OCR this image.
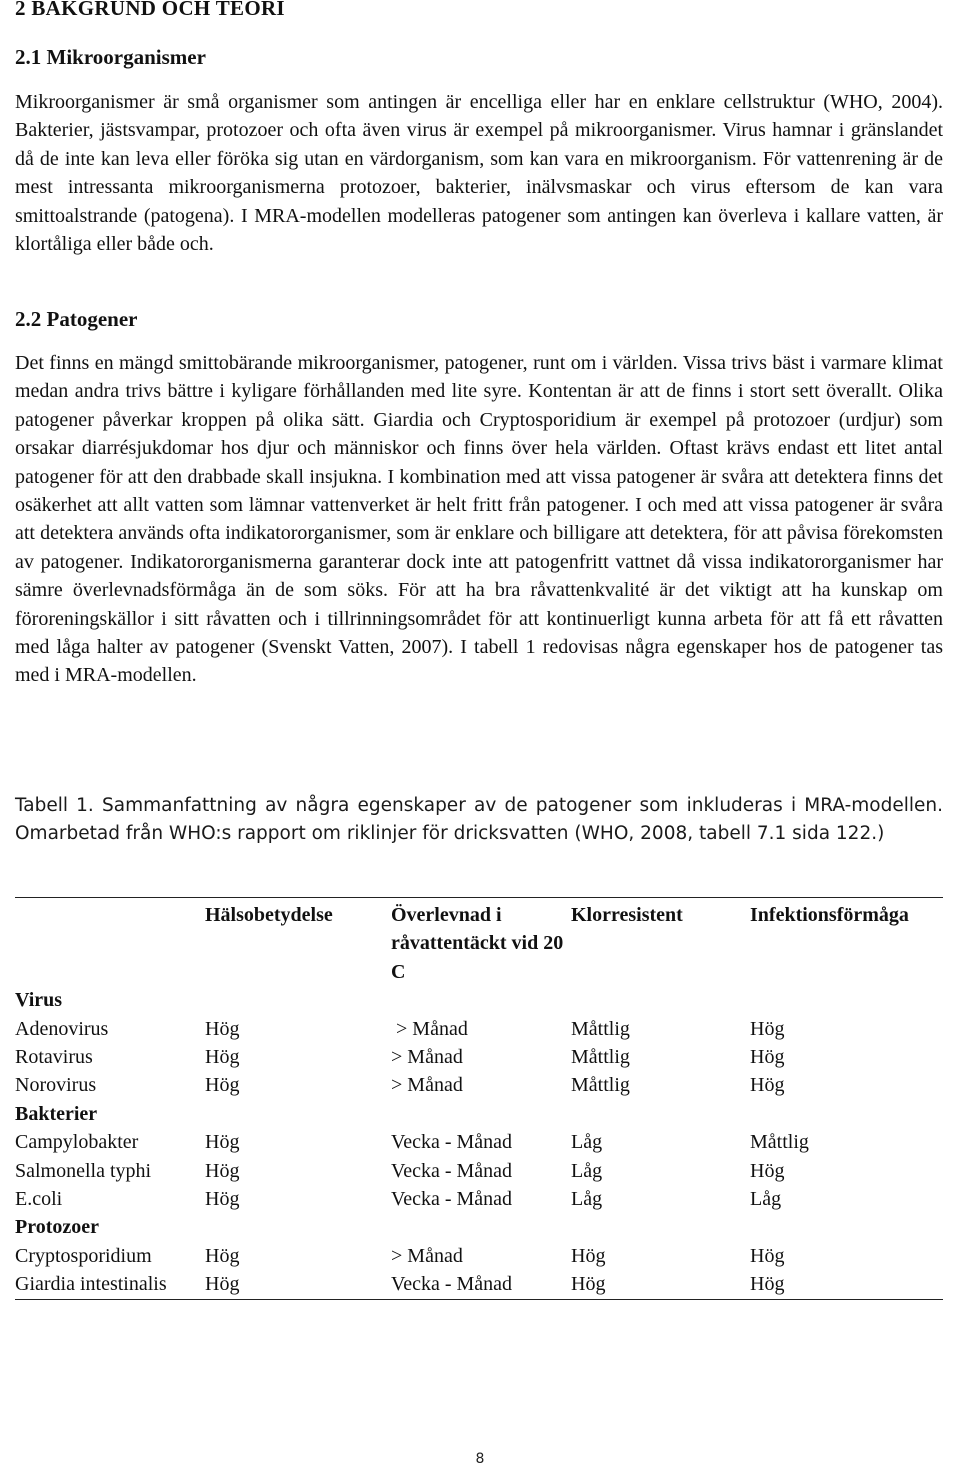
2 BAKGRUND OCH TEORI
2.1 Mikroorganismer

Mikroorganismer är små organismer som antingen är encelliga eller har en enklare cellstruktur (WHO, 2004). Bakterier, jästsvampar, protozoer och ofta även virus är exempel på mikroorganismer. Virus hamnar i gränslandet då de inte kan leva eller föröka sig utan en värdorganism, som kan vara en mikroorganism. För vattenrening är de mest intressanta mikroorganismerna protozoer, bakterier, inälvsmaskar och virus eftersom de kan vara smittoalstrande (patogena). I MRA-modellen modelleras patogener som antingen kan överleva i kallare vatten, är klortåliga eller både och.

2.2 Patogener

Det finns en mängd smittobärande mikroorganismer, patogener, runt om i världen. Vissa trivs bäst i varmare klimat medan andra trivs bättre i kyligare förhållanden med lite syre. Kontentan är att de finns i stort sett överallt. Olika patogener påverkar kroppen på olika sätt. Giardia och Cryptosporidium är exempel på protozoer (urdjur) som orsakar diarrésjukdomar hos djur och människor och finns över hela världen. Oftast krävs endast ett litet antal patogener för att den drabbade skall insjukna. I kombination med att vissa patogener är svåra att detektera finns det osäkerhet att allt vatten som lämnar vattenverket är helt fritt från patogener. I och med att vissa patogener är svåra att detektera används ofta indikatororganismer, som är enklare och billigare att detektera, för att påvisa förekomsten av patogener. Indikatororganismerna garanterar dock inte att patogenfritt vattnet då vissa indikatororganismer har sämre överlevnadsförmåga än de som söks. För att ha bra råvattenkvalité är det viktigt att ha kunskap om föroreningskällor i sitt råvatten och i tillrinningsområdet för att kontinuerligt kunna arbeta för att få ett råvatten med låga halter av patogener (Svenskt Vatten, 2007). I tabell 1 redovisas några egenskaper hos de patogener tas med i MRA-modellen.

Tabell 1. Sammanfattning av några egenskaper av de patogener som inkluderas i MRA-modellen. Omarbetad från WHO:s rapport om riklinjer för dricksvatten (WHO, 2008, tabell 7.1 sida 122.)

	Hälsobetydelse	Överlevnad i råvattentäckt vid 20 C	Klorresistent	Infektionsförmåga
Virus				
Adenovirus	Hög	> Månad	Måttlig	Hög
Rotavirus	Hög	> Månad	Måttlig	Hög
Norovirus	Hög	> Månad	Måttlig	Hög
Bakterier				
Campylobakter	Hög	Vecka - Månad	Låg	Måttlig
Salmonella typhi	Hög	Vecka - Månad	Låg	Hög
E.coli	Hög	Vecka - Månad	Låg	Låg
Protozoer				
Cryptosporidium	Hög	> Månad	Hög	Hög
Giardia intestinalis	Hög	Vecka - Månad	Hög	Hög
8
